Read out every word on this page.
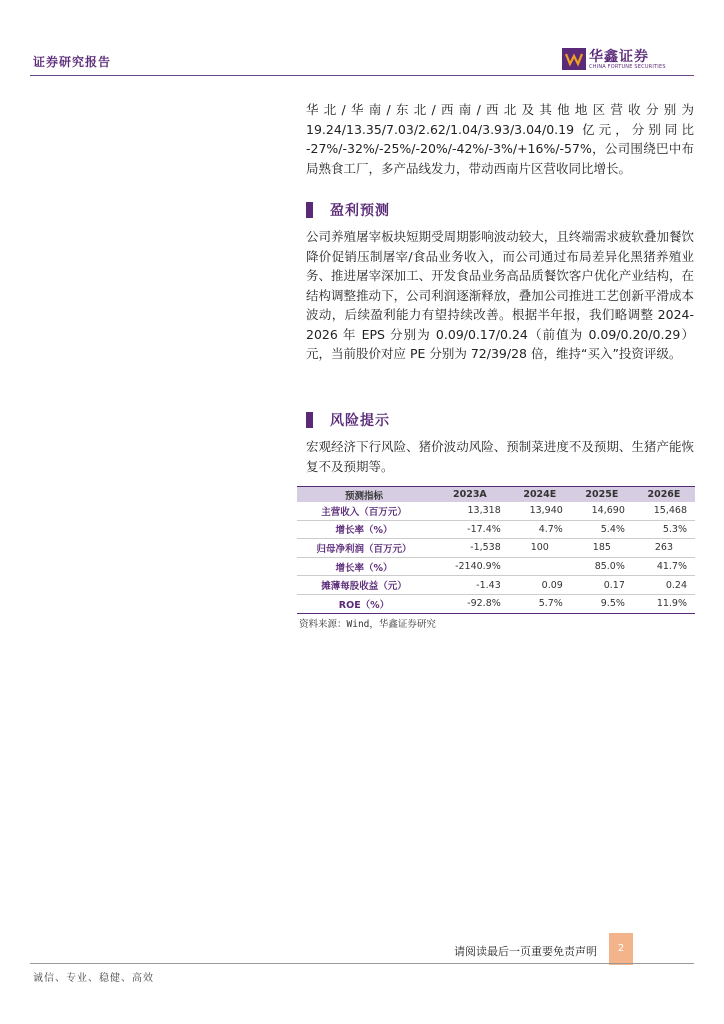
证券研究报告	华鑫证券
CHINA FORTUNE SECURITIES

华北/华南/东北/西南/西北及其他地区营收分别为19.24/13.35/7.03/2.62/1.04/3.93/3.04/0.19 亿元，分别同比 -27%/-32%/-25%/-20%/-42%/-3%/+16%/-57%，公司围绕巴中布局熟食工厂，多产品线发力，带动西南片区营收同比增长。

盈利预测

公司养殖屠宰板块短期受周期影响波动较大，且终端需求疲软叠加餐饮降价促销压制屠宰/食品业务收入，而公司通过布局差异化黑猪养殖业务、推进屠宰深加工、开发食品业务高品质餐饮客户优化产业结构，在结构调整推动下，公司利润逐渐释放，叠加公司推进工艺创新平滑成本波动，后续盈利能力有望持续改善。根据半年报，我们略调整 2024-2026 年 EPS 分别为 0.09/0.17/0.24（前值为 0.09/0.20/0.29）元，当前股价对应 PE 分别为 72/39/28 倍，维持“买入”投资评级。

风险提示

宏观经济下行风险、猪价波动风险、预制菜进度不及预期、生猪产能恢复不及预期等。

预测指标	2023A	2024E	2025E	2026E
主营收入（百万元）	13,318	13,940	14,690	15,468
增长率（%）	-17.4%	4.7%	5.4%	5.3%
归母净利润（百万元）	-1,538	100	185	263
增长率（%）	-2140.9%		85.0%	41.7%
摊薄每股收益（元）	-1.43	0.09	0.17	0.24
ROE（%）	-92.8%	5.7%	9.5%	11.9%
资料来源：Wind，华鑫证券研究
请阅读最后一页重要免责声明	2
诚信、专业、稳健、高效
